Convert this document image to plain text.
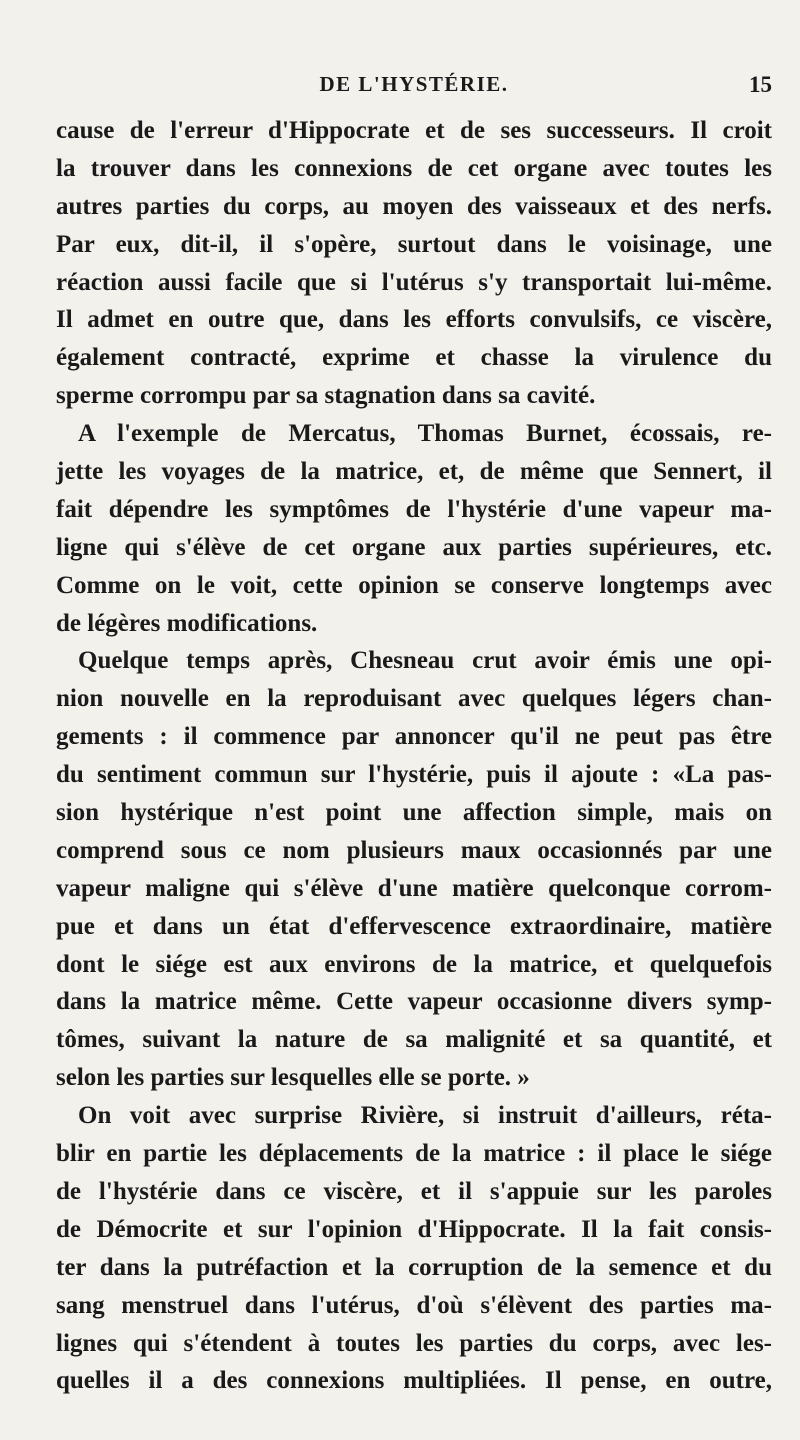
DE L'HYSTÉRIE.	15
cause de l'erreur d'Hippocrate et de ses successeurs. Il croit
la trouver dans les connexions de cet organe avec toutes les
autres parties du corps, au moyen des vaisseaux et des nerfs.
Par eux, dit-il, il s'opère, surtout dans le voisinage, une
réaction aussi facile que si l'utérus s'y transportait lui-même.
Il admet en outre que, dans les efforts convulsifs, ce viscère,
également contracté, exprime et chasse la virulence du
sperme corrompu par sa stagnation dans sa cavité.
A l'exemple de Mercatus, Thomas Burnet, écossais, re-
jette les voyages de la matrice, et, de même que Sennert, il
fait dépendre les symptômes de l'hystérie d'une vapeur ma-
ligne qui s'élève de cet organe aux parties supérieures, etc.
Comme on le voit, cette opinion se conserve longtemps avec
de légères modifications.
Quelque temps après, Chesneau crut avoir émis une opi-
nion nouvelle en la reproduisant avec quelques légers chan-
gements : il commence par annoncer qu'il ne peut pas être
du sentiment commun sur l'hystérie, puis il ajoute : «La pas-
sion hystérique n'est point une affection simple, mais on
comprend sous ce nom plusieurs maux occasionnés par une
vapeur maligne qui s'élève d'une matière quelconque corrom-
pue et dans un état d'effervescence extraordinaire, matière
dont le siége est aux environs de la matrice, et quelquefois
dans la matrice même. Cette vapeur occasionne divers symp-
tômes, suivant la nature de sa malignité et sa quantité, et
selon les parties sur lesquelles elle se porte. »
On voit avec surprise Rivière, si instruit d'ailleurs, réta-
blir en partie les déplacements de la matrice : il place le siége
de l'hystérie dans ce viscère, et il s'appuie sur les paroles
de Démocrite et sur l'opinion d'Hippocrate. Il la fait consis-
ter dans la putréfaction et la corruption de la semence et du
sang menstruel dans l'utérus, d'où s'élèvent des parties ma-
lignes qui s'étendent à toutes les parties du corps, avec les-
quelles il a des connexions multipliées. Il pense, en outre,
